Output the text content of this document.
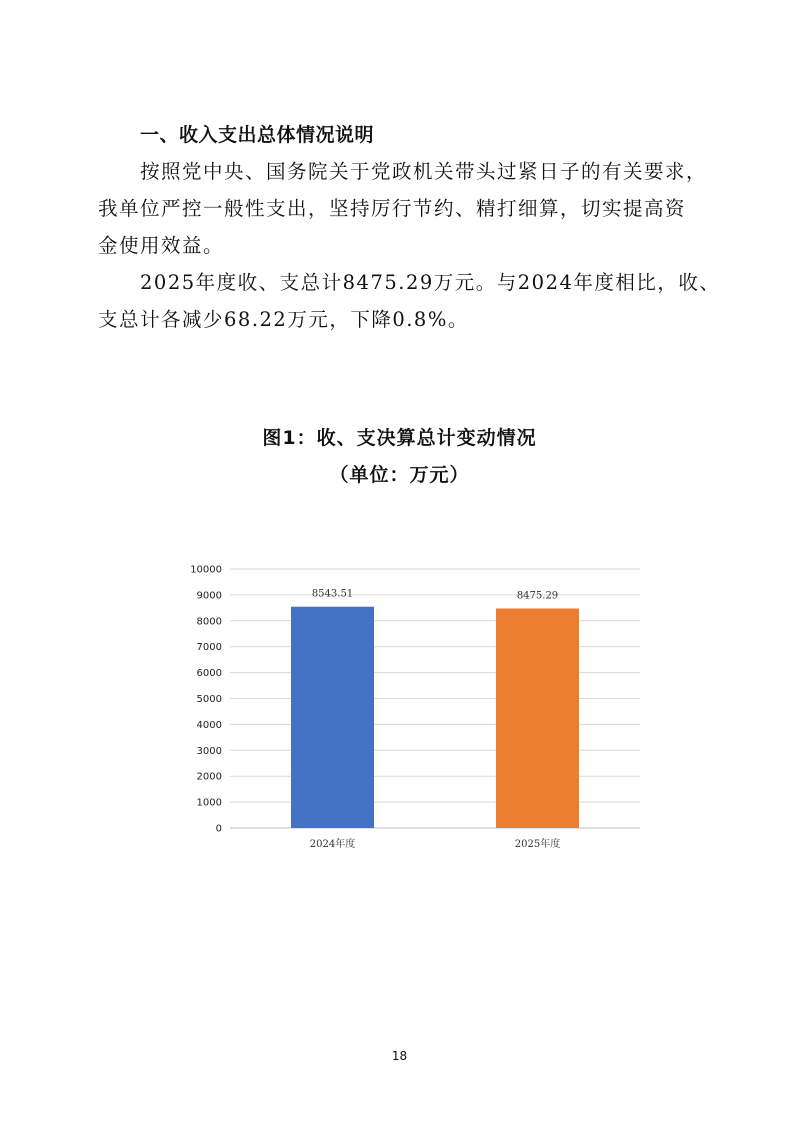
一、收入支出总体情况说明
按照党中央、国务院关于党政机关带头过紧日子的有关要求，
我单位严控一般性支出，坚持厉行节约、精打细算，切实提高资
金使用效益。
2025年度收、支总计8475.29万元。与2024年度相比，收、
支总计各减少68.22万元，下降0.8%。
图1：收、支决算总计变动情况
（单位：万元）
0
1000
2000
3000
4000
5000
6000
7000
8000
9000
10000
8543.51
2024年度
8475.29
2025年度
18
